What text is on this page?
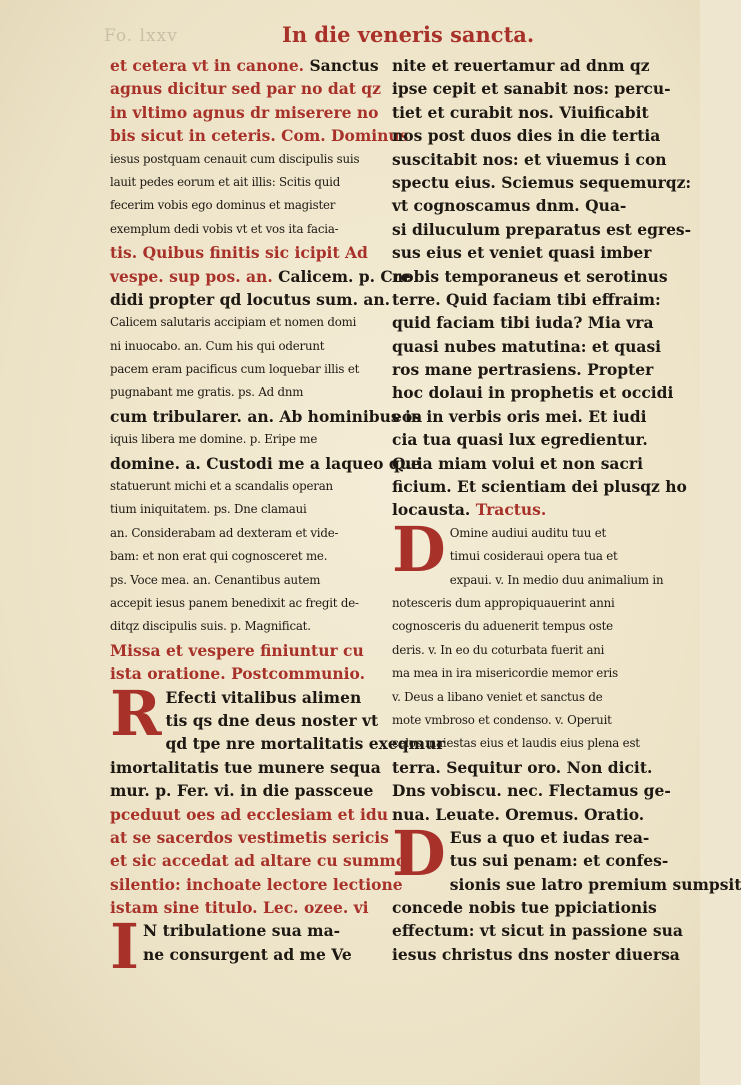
Fo. lxxv	In die veneris sancta.
et cetera vt in canone. Sanctus
agnus dicitur sed par no dat qz
in vltimo agnus dr miserere no
bis sicut in ceteris. Com. Dominus
iesus postquam cenauit cum discipulis suis
lauit pedes eorum et ait illis: Scitis quid
fecerim vobis ego dominus et magister
exemplum dedi vobis vt et vos ita facia-
tis. Quibus finitis sic icipit Ad
vespe. sup pos. an. Calicem. p. Cre
didi propter qd locutus sum. an.
Calicem salutaris accipiam et nomen domi
ni inuocabo. an. Cum his qui oderunt
pacem eram pacificus cum loquebar illis et
pugnabant me gratis. ps. Ad dnm
cum tribularer. an. Ab hominibus in
iquis libera me domine. p. Eripe me
domine. a. Custodi me a laqueo que
statuerunt michi et a scandalis operan
tium iniquitatem. ps. Dne clamaui
an. Considerabam ad dexteram et vide-
bam: et non erat qui cognosceret me.
ps. Voce mea. an. Cenantibus autem
accepit iesus panem benedixit ac fregit de-
ditqz discipulis suis. p. Magnificat.
Missa et vespere finiuntur cu
ista oratione. Postcommunio.
R Efecti vitalibus alimen
tis qs dne deus noster vt
qd tpe nre mortalitatis exeqmur
imortalitatis tue munere sequa
mur. p. Fer. vi. in die passceue
pceduut oes ad ecclesiam et idu
at se sacerdos vestimetis sericis
et sic accedat ad altare cu summo
silentio: inchoate lectore lectione
istam sine titulo. Lec. ozee. vi
I N tribulatione sua ma-
ne consurgent ad me Ve
nite et reuertamur ad dnm qz
ipse cepit et sanabit nos: percu-
tiet et curabit nos. Viuificabit
nos post duos dies in die tertia
suscitabit nos: et viuemus i con
spectu eius. Sciemus sequemurqz:
vt cognoscamus dnm. Qua-
si diluculum preparatus est egres-
sus eius et veniet quasi imber
nobis temporaneus et serotinus
terre. Quid faciam tibi effraim:
quid faciam tibi iuda? Mia vra
quasi nubes matutina: et quasi
ros mane pertrasiens. Propter
hoc dolaui in prophetis et occidi
eos in verbis oris mei. Et iudi
cia tua quasi lux egredientur.
Quia miam volui et non sacri
ficium. Et scientiam dei plusqz ho
locausta. Tractus.
D Omine audiui auditu tuu et
timui cosideraui opera tua et
expaui. v. In medio duu animalium in
notesceris dum appropiquauerint anni
cognosceris du aduenerit tempus oste
deris. v. In eo du coturbata fuerit ani
ma mea in ira misericordie memor eris
v. Deus a libano veniet et sanctus de
mote vmbroso et condenso. v. Operuit
celos maiestas eius et laudis eius plena est
terra. Sequitur oro. Non dicit.
Dns vobiscu. nec. Flectamus ge-
nua. Leuate. Oremus. Oratio.
D Eus a quo et iudas rea-
tus sui penam: et confes-
sionis sue latro premium sumpsit
concede nobis tue ppiciationis
effectum: vt sicut in passione sua
iesus christus dns noster diuersa
